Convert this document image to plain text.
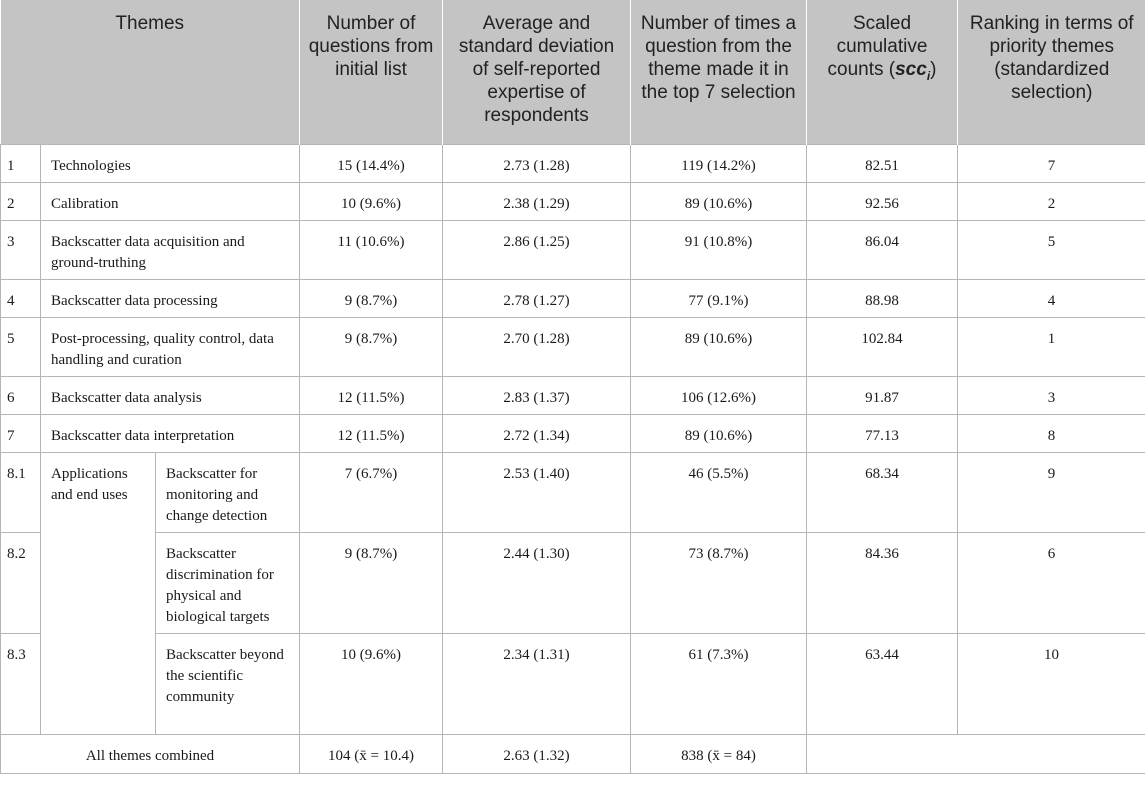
Themes			Number of questions from initial list	Average and standard deviation of self-reported expertise of respondents	Number of times a question from the theme made it in the top 7 selection	Scaled cumulative counts (scc$_i$)	Ranking in terms of priority themes (standardized selection)
1	Technologies		15 (14.4%)	2.73 (1.28)	119 (14.2%)	82.51	7
2	Calibration		10 (9.6%)	2.38 (1.29)	89 (10.6%)	92.56	2
3	Backscatter data acquisition and ground-truthing		11 (10.6%)	2.86 (1.25)	91 (10.8%)	86.04	5
4	Backscatter data processing		9 (8.7%)	2.78 (1.27)	77 (9.1%)	88.98	4
5	Post-processing, quality control, data handling and curation		9 (8.7%)	2.70 (1.28)	89 (10.6%)	102.84	1
6	Backscatter data analysis		12 (11.5%)	2.83 (1.37)	106 (12.6%)	91.87	3
7	Backscatter data interpretation		12 (11.5%)	2.72 (1.34)	89 (10.6%)	77.13	8
8.1	Applications and end uses	Backscatter for monitoring and change detection	7 (6.7%)	2.53 (1.40)	46 (5.5%)	68.34	9
8.2		Backscatter discrimination for physical and biological targets	9 (8.7%)	2.44 (1.30)	73 (8.7%)	84.36	6
8.3		Backscatter beyond the scientific community	10 (9.6%)	2.34 (1.31)	61 (7.3%)	63.44	10
All themes combined			104 (x̄ = 10.4)	2.63 (1.32)	838 (x̄ = 84)		
